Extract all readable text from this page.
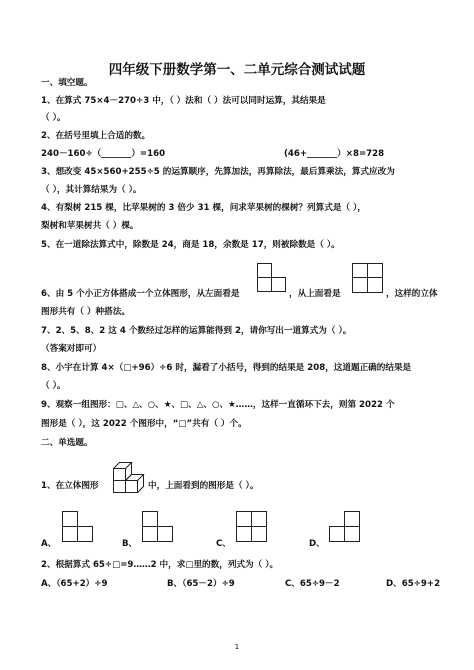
四年级下册数学第一、二单元综合测试试题
一、填空题。
1、在算式 75×4－270÷3 中，（ ）法和（ ）法可以同时运算，其结果是
（ ）。
2、在括号里填上合适的数。
240－160÷（_______）=160	(46+_______）×8=728
3、想改变 45×560+255÷5 的运算顺序，先算加法，再算除法，最后算乘法，算式应改为
（ ），其计算结果为（ ）。
4、有梨树 215 棵，比苹果树的 3 倍少 31 棵，问求苹果树的棵树？列算式是（ ），
梨树和苹果树共（ ）棵。
5、在一道除法算式中，除数是 24，商是 18，余数是 17，则被除数是（ ）。
6、由 5 个小正方体搭成一个立体图形，从左面看是	，从上面看是	，这样的立体
图形共有（ ）种搭法。
7、2、5、8、2 这 4 个数经过怎样的运算能得到 2，请你写出一道算式为（ ）。
（答案对即可）
8、小宇在计算 4×（□+96）÷6 时，漏看了小括号，得到的结果是 208，这道题正确的结果是
（ ）。
9、观察一组图形：□、△、○、★、□、△、○、★……，这样一直循环下去，则第 2022 个
图形是（ ），这 2022 个图形中，“□”共有（ ）个。
二、单选题。
1、在立体图形	中，上面看到的图形是（ ）。
A、	B、	C、	D、
2、根据算式 65÷□=9……2 中，求□里的数，列式为（ ）。
A、（65+2）÷9	B、（65－2）÷9	C、65÷9－2	D、65÷9+2
1
